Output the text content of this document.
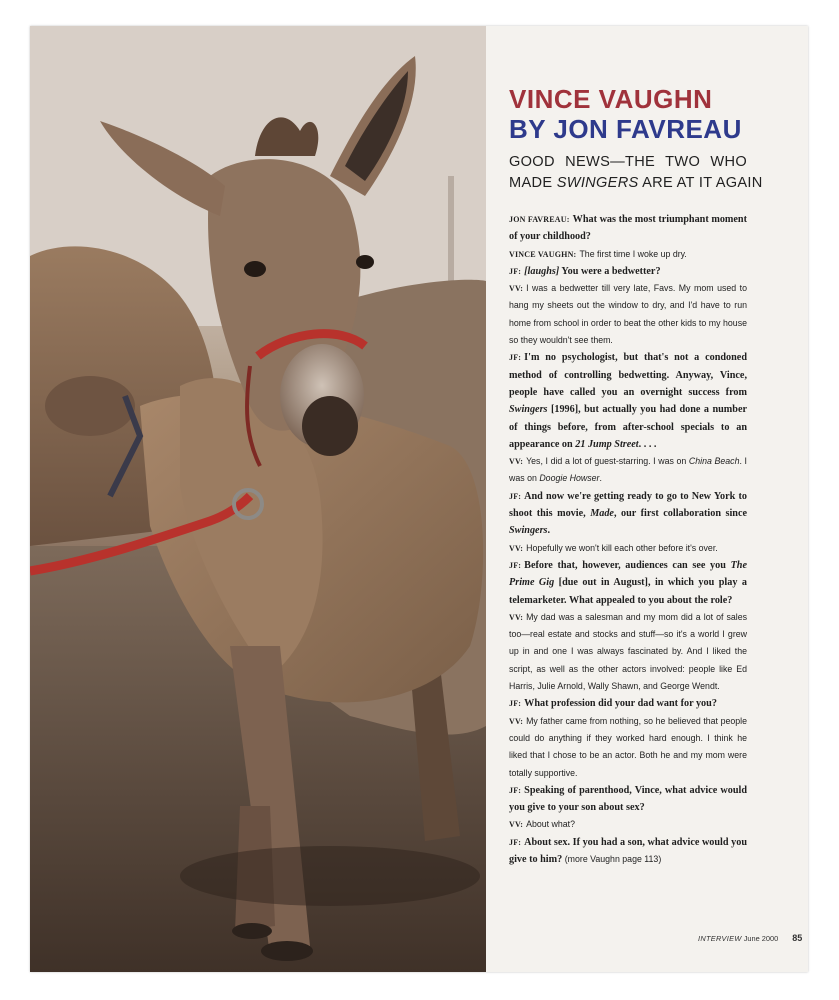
VINCE VAUGHN
BY JON FAVREAU
GOOD NEWS—THE TWO WHO
MADE SWINGERS ARE AT IT AGAIN

JON FAVREAU: What was the most triumphant moment of your childhood?

VINCE VAUGHN: The first time I woke up dry.

JF: [laughs] You were a bedwetter?

VV: I was a bedwetter till very late, Favs. My mom used to hang my sheets out the window to dry, and I'd have to run home from school in order to beat the other kids to my house so they wouldn't see them.

JF: I'm no psychologist, but that's not a condoned method of controlling bedwetting. Anyway, Vince, people have called you an overnight success from Swingers [1996], but actually you had done a number of things before, from after-school specials to an appearance on 21 Jump Street. . . .

VV: Yes, I did a lot of guest-starring. I was on China Beach. I was on Doogie Howser.

JF: And now we're getting ready to go to New York to shoot this movie, Made, our first collaboration since Swingers.

VV: Hopefully we won't kill each other before it's over.

JF: Before that, however, audiences can see you The Prime Gig [due out in August], in which you play a telemarketer. What appealed to you about the role?

VV: My dad was a salesman and my mom did a lot of sales too—real estate and stocks and stuff—so it's a world I grew up in and one I was always fascinated by. And I liked the script, as well as the other actors involved: people like Ed Harris, Julie Arnold, Wally Shawn, and George Wendt.

JF: What profession did your dad want for you?

VV: My father came from nothing, so he believed that people could do anything if they worked hard enough. I think he liked that I chose to be an actor. Both he and my mom were totally supportive.

JF: Speaking of parenthood, Vince, what advice would you give to your son about sex?

VV: About what?

JF: About sex. If you had a son, what advice would you give to him? (more Vaughn page 113)

INTERVIEW June 2000 85
